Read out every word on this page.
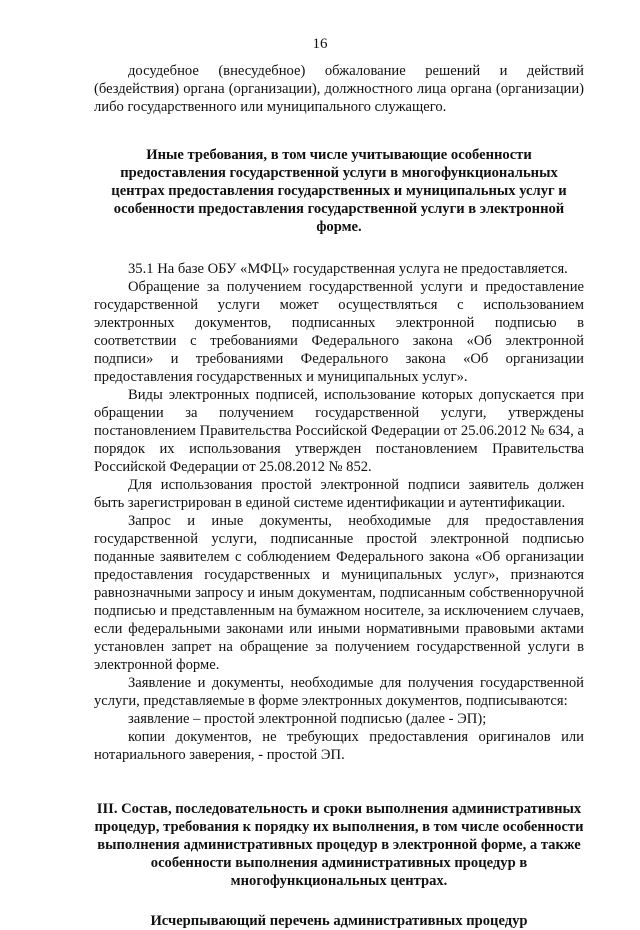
16

досудебное (внесудебное) обжалование решений и действий (бездействия) органа (организации), должностного лица органа (организации) либо государственного или муниципального служащего.

Иные требования, в том числе учитывающие особенности предоставления государственной услуги в многофункциональных центрах предоставления государственных и муниципальных услуг и особенности предоставления государственной услуги в электронной форме.

35.1 На базе ОБУ «МФЦ» государственная услуга не предоставляется.

Обращение за получением государственной услуги и предоставление государственной услуги может осуществляться с использованием электронных документов, подписанных электронной подписью в соответствии с требованиями Федерального закона «Об электронной подписи» и требованиями Федерального закона «Об организации предоставления государственных и муниципальных услуг».

Виды электронных подписей, использование которых допускается при обращении за получением государственной услуги, утверждены постановлением Правительства Российской Федерации от 25.06.2012 № 634, а порядок их использования утвержден постановлением Правительства Российской Федерации от 25.08.2012 № 852.

Для использования простой электронной подписи заявитель должен быть зарегистрирован в единой системе идентификации и аутентификации.

Запрос и иные документы, необходимые для предоставления государственной услуги, подписанные простой электронной подписью поданные заявителем с соблюдением Федерального закона «Об организации предоставления государственных и муниципальных услуг», признаются равнозначными запросу и иным документам, подписанным собственноручной подписью и представленным на бумажном носителе, за исключением случаев, если федеральными законами или иными нормативными правовыми актами установлен запрет на обращение за получением государственной услуги в электронной форме.

Заявление и документы, необходимые для получения государственной услуги, представляемые в форме электронных документов, подписываются:

заявление – простой электронной подписью (далее - ЭП);

копии документов, не требующих предоставления оригиналов или нотариального заверения, - простой ЭП.

III. Состав, последовательность и сроки выполнения административных процедур, требования к порядку их выполнения, в том числе особенности выполнения административных процедур в электронной форме, а также особенности выполнения административных процедур в многофункциональных центрах.

Исчерпывающий перечень административных процедур
